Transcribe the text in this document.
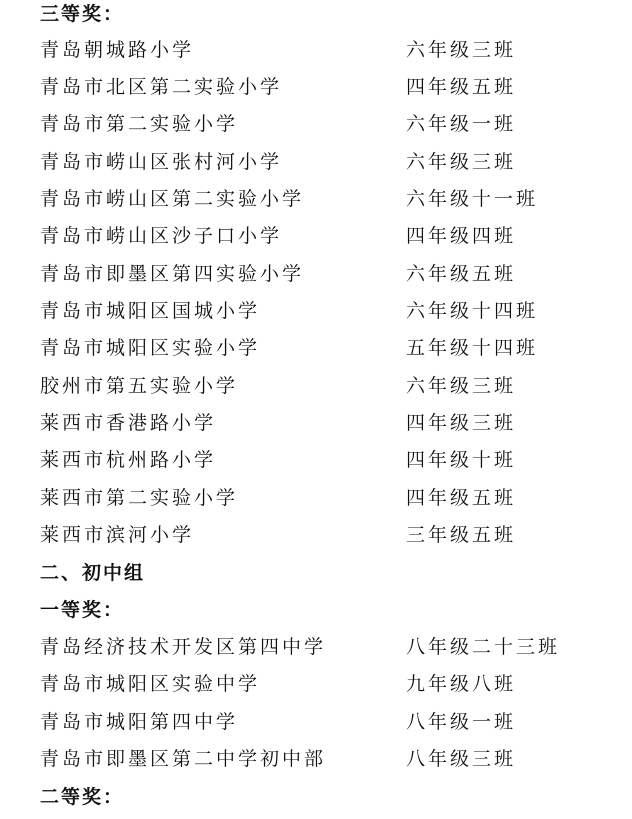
三等奖：
青岛朝城路小学	六年级三班
青岛市北区第二实验小学	四年级五班
青岛市第二实验小学	六年级一班
青岛市崂山区张村河小学	六年级三班
青岛市崂山区第二实验小学	六年级十一班
青岛市崂山区沙子口小学	四年级四班
青岛市即墨区第四实验小学	六年级五班
青岛市城阳区国城小学	六年级十四班
青岛市城阳区实验小学	五年级十四班
胶州市第五实验小学	六年级三班
莱西市香港路小学	四年级三班
莱西市杭州路小学	四年级十班
莱西市第二实验小学	四年级五班
莱西市滨河小学	三年级五班
二、初中组
一等奖：
青岛经济技术开发区第四中学	八年级二十三班
青岛市城阳区实验中学	九年级八班
青岛市城阳第四中学	八年级一班
青岛市即墨区第二中学初中部	八年级三班
二等奖：
